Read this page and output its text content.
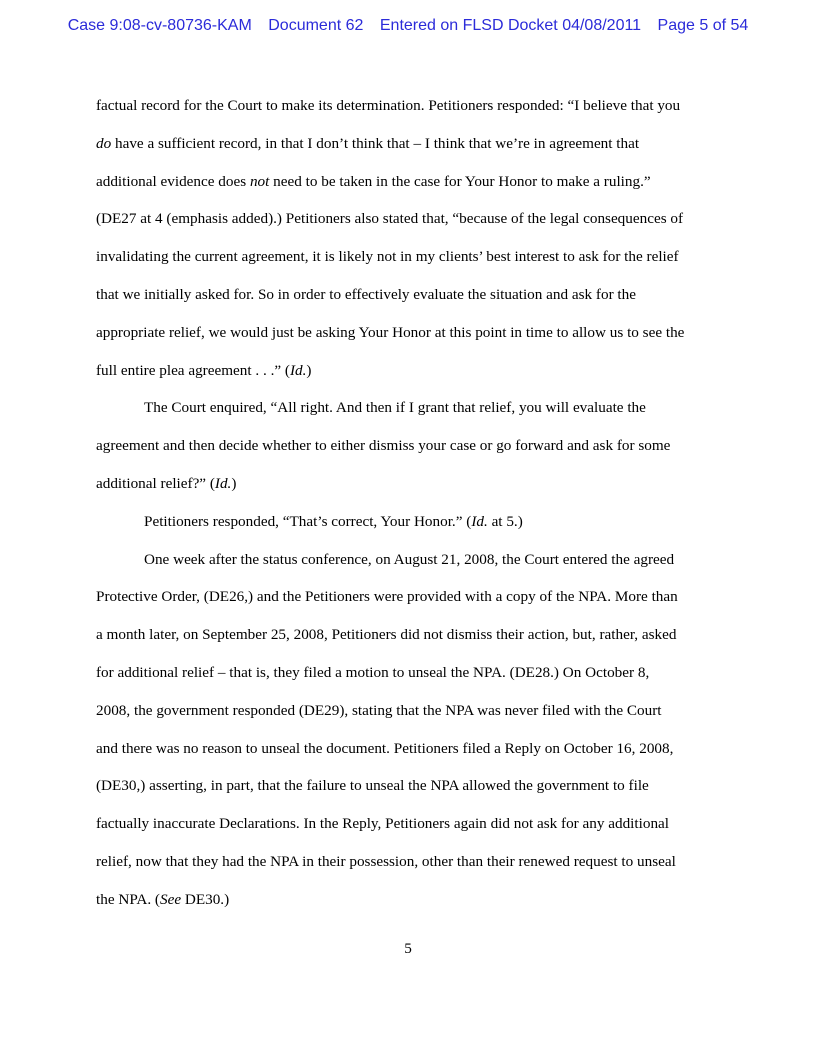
Case 9:08-cv-80736-KAM Document 62 Entered on FLSD Docket 04/08/2011 Page 5 of 54
factual record for the Court to make its determination. Petitioners responded: “I believe that you
do have a sufficient record, in that I don’t think that – I think that we’re in agreement that
additional evidence does not need to be taken in the case for Your Honor to make a ruling.”
(DE27 at 4 (emphasis added).) Petitioners also stated that, “because of the legal consequences of
invalidating the current agreement, it is likely not in my clients’ best interest to ask for the relief
that we initially asked for. So in order to effectively evaluate the situation and ask for the
appropriate relief, we would just be asking Your Honor at this point in time to allow us to see the
full entire plea agreement . . .” (Id.)
The Court enquired, “All right. And then if I grant that relief, you will evaluate the
agreement and then decide whether to either dismiss your case or go forward and ask for some
additional relief?” (Id.)
Petitioners responded, “That’s correct, Your Honor.” (Id. at 5.)
One week after the status conference, on August 21, 2008, the Court entered the agreed
Protective Order, (DE26,) and the Petitioners were provided with a copy of the NPA. More than
a month later, on September 25, 2008, Petitioners did not dismiss their action, but, rather, asked
for additional relief – that is, they filed a motion to unseal the NPA. (DE28.) On October 8,
2008, the government responded (DE29), stating that the NPA was never filed with the Court
and there was no reason to unseal the document. Petitioners filed a Reply on October 16, 2008,
(DE30,) asserting, in part, that the failure to unseal the NPA allowed the government to file
factually inaccurate Declarations. In the Reply, Petitioners again did not ask for any additional
relief, now that they had the NPA in their possession, other than their renewed request to unseal
the NPA. (See DE30.)
5
